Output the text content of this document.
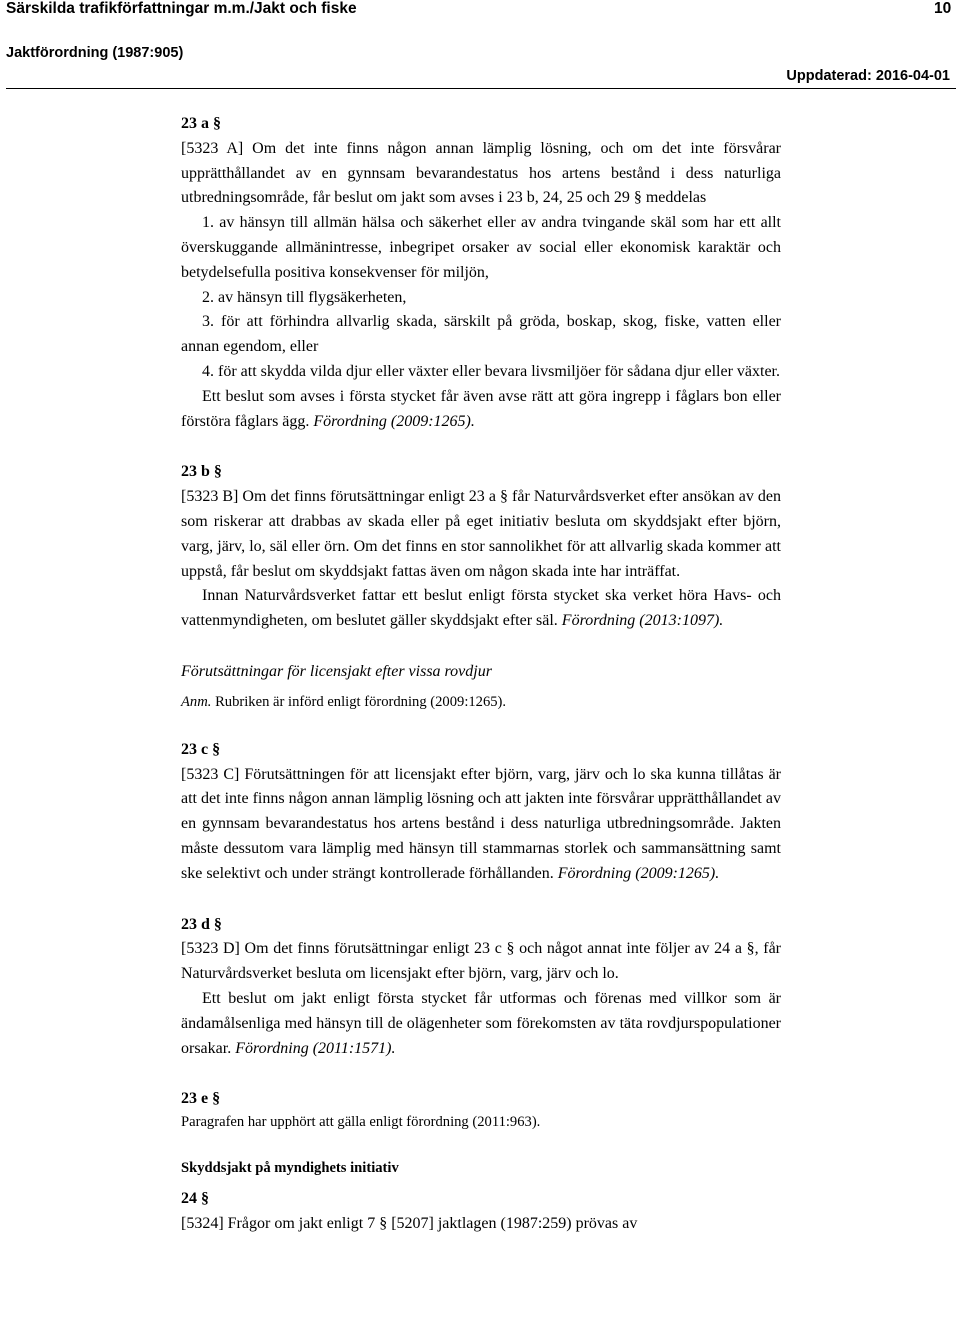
Särskilda trafikförfattningar m.m./Jakt och fiske	10
Jaktförordning (1987:905)
Uppdaterad: 2016-04-01

23 a §

[5323 A] Om det inte finns någon annan lämplig lösning, och om det inte försvårar upprätthållandet av en gynnsam bevarandestatus hos artens bestånd i dess naturliga utbredningsområde, får beslut om jakt som avses i 23 b, 24, 25 och 29 § meddelas

1. av hänsyn till allmän hälsa och säkerhet eller av andra tvingande skäl som har ett allt överskuggande allmänintresse, inbegripet orsaker av social eller ekonomisk karaktär och betydelsefulla positiva konsekvenser för miljön,

2. av hänsyn till flygsäkerheten,

3. för att förhindra allvarlig skada, särskilt på gröda, boskap, skog, fiske, vatten eller annan egendom, eller

4. för att skydda vilda djur eller växter eller bevara livsmiljöer för sådana djur eller växter.

Ett beslut som avses i första stycket får även avse rätt att göra ingrepp i fåglars bon eller förstöra fåglars ägg. Förordning (2009:1265).

23 b §

[5323 B] Om det finns förutsättningar enligt 23 a § får Naturvårdsverket efter ansökan av den som riskerar att drabbas av skada eller på eget initiativ besluta om skyddsjakt efter björn, varg, järv, lo, säl eller örn. Om det finns en stor sannolikhet för att allvarlig skada kommer att uppstå, får beslut om skyddsjakt fattas även om någon skada inte har inträffat.

Innan Naturvårdsverket fattar ett beslut enligt första stycket ska verket höra Havs- och vattenmyndigheten, om beslutet gäller skyddsjakt efter säl. Förordning (2013:1097).

Förutsättningar för licensjakt efter vissa rovdjur

Anm. Rubriken är införd enligt förordning (2009:1265).

23 c §

[5323 C] Förutsättningen för att licensjakt efter björn, varg, järv och lo ska kunna tillåtas är att det inte finns någon annan lämplig lösning och att jakten inte försvårar upprätthållandet av en gynnsam bevarandestatus hos artens bestånd i dess naturliga utbredningsområde. Jakten måste dessutom vara lämplig med hänsyn till stammarnas storlek och sammansättning samt ske selektivt och under strängt kontrollerade förhållanden. Förordning (2009:1265).

23 d §

[5323 D] Om det finns förutsättningar enligt 23 c § och något annat inte följer av 24 a §, får Naturvårdsverket besluta om licensjakt efter björn, varg, järv och lo.

Ett beslut om jakt enligt första stycket får utformas och förenas med villkor som är ändamålsenliga med hänsyn till de olägenheter som förekomsten av täta rovdjurspopulationer orsakar. Förordning (2011:1571).

23 e §

Paragrafen har upphört att gälla enligt förordning (2011:963).

Skyddsjakt på myndighets initiativ

24 §

[5324] Frågor om jakt enligt 7 § [5207] jaktlagen (1987:259) prövas av
